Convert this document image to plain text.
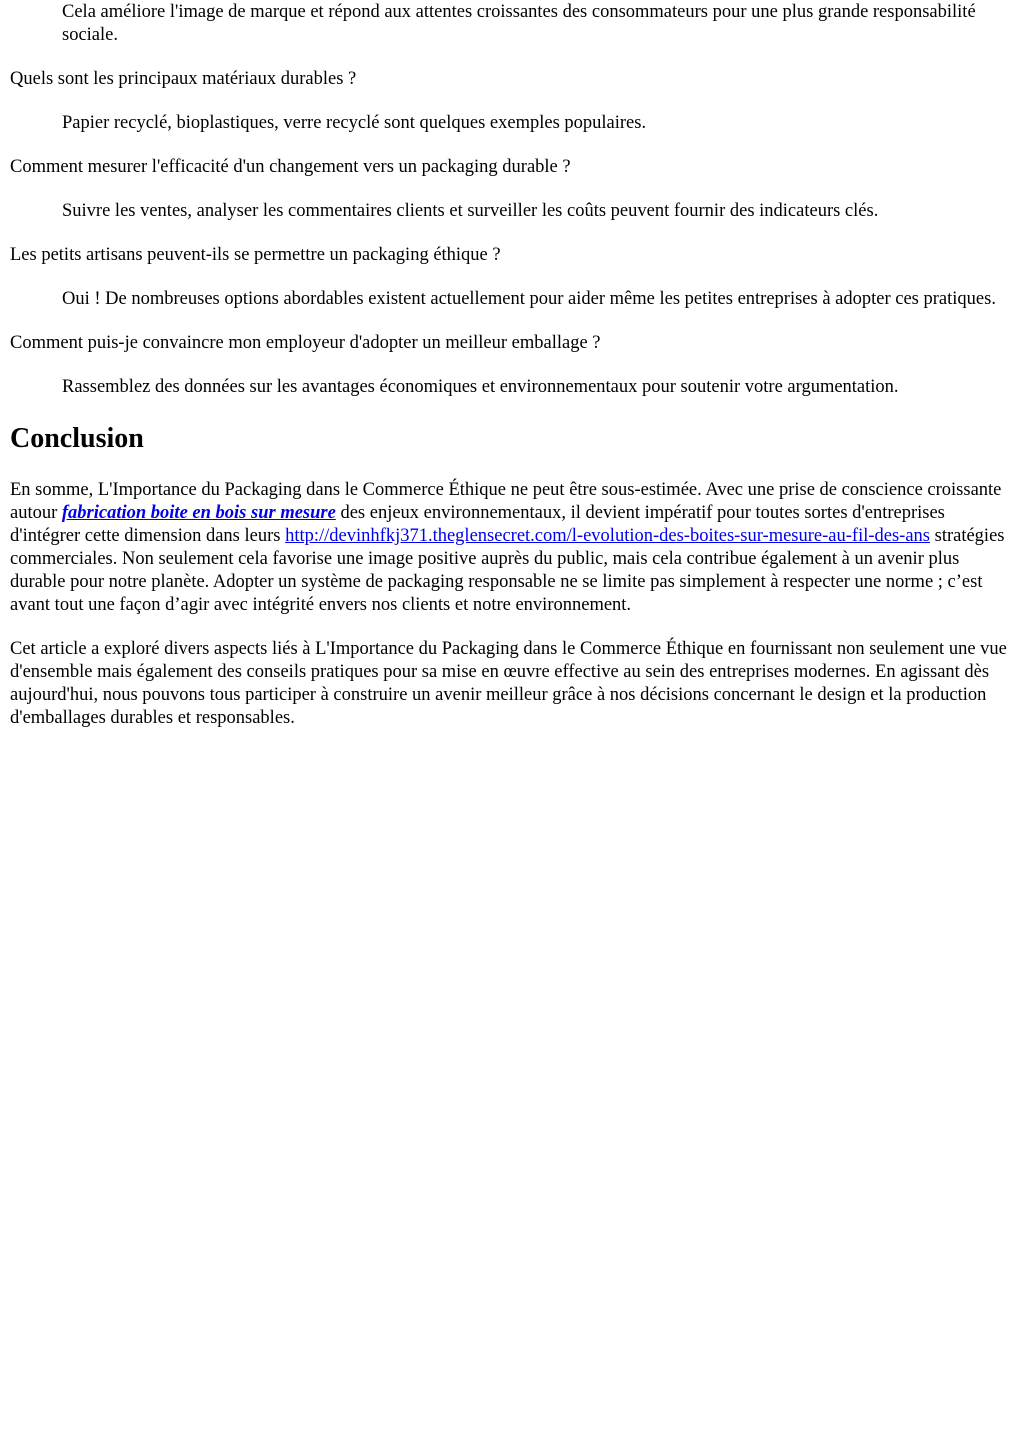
Cela améliore l'image de marque et répond aux attentes croissantes des consommateurs pour une plus grande responsabilité sociale.
Quels sont les principaux matériaux durables ?
Papier recyclé, bioplastiques, verre recyclé sont quelques exemples populaires.
Comment mesurer l'efficacité d'un changement vers un packaging durable ?
Suivre les ventes, analyser les commentaires clients et surveiller les coûts peuvent fournir des indicateurs clés.
Les petits artisans peuvent-ils se permettre un packaging éthique ?
Oui ! De nombreuses options abordables existent actuellement pour aider même les petites entreprises à adopter ces pratiques.
Comment puis-je convaincre mon employeur d'adopter un meilleur emballage ?
Rassemblez des données sur les avantages économiques et environnementaux pour soutenir votre argumentation.
Conclusion

En somme, L'Importance du Packaging dans le Commerce Éthique ne peut être sous-estimée. Avec une prise de conscience croissante autour fabrication boite en bois sur mesure des enjeux environnementaux, il devient impératif pour toutes sortes d'entreprises d'intégrer cette dimension dans leurs http://devinhfkj371.theglensecret.com/l-evolution-des-boites-sur-mesure-au-fil-des-ans stratégies commerciales. Non seulement cela favorise une image positive auprès du public, mais cela contribue également à un avenir plus durable pour notre planète. Adopter un système de packaging responsable ne se limite pas simplement à respecter une norme ; c’est avant tout une façon d’agir avec intégrité envers nos clients et notre environnement.

Cet article a exploré divers aspects liés à L'Importance du Packaging dans le Commerce Éthique en fournissant non seulement une vue d'ensemble mais également des conseils pratiques pour sa mise en œuvre effective au sein des entreprises modernes. En agissant dès aujourd'hui, nous pouvons tous participer à construire un avenir meilleur grâce à nos décisions concernant le design et la production d'emballages durables et responsables.
